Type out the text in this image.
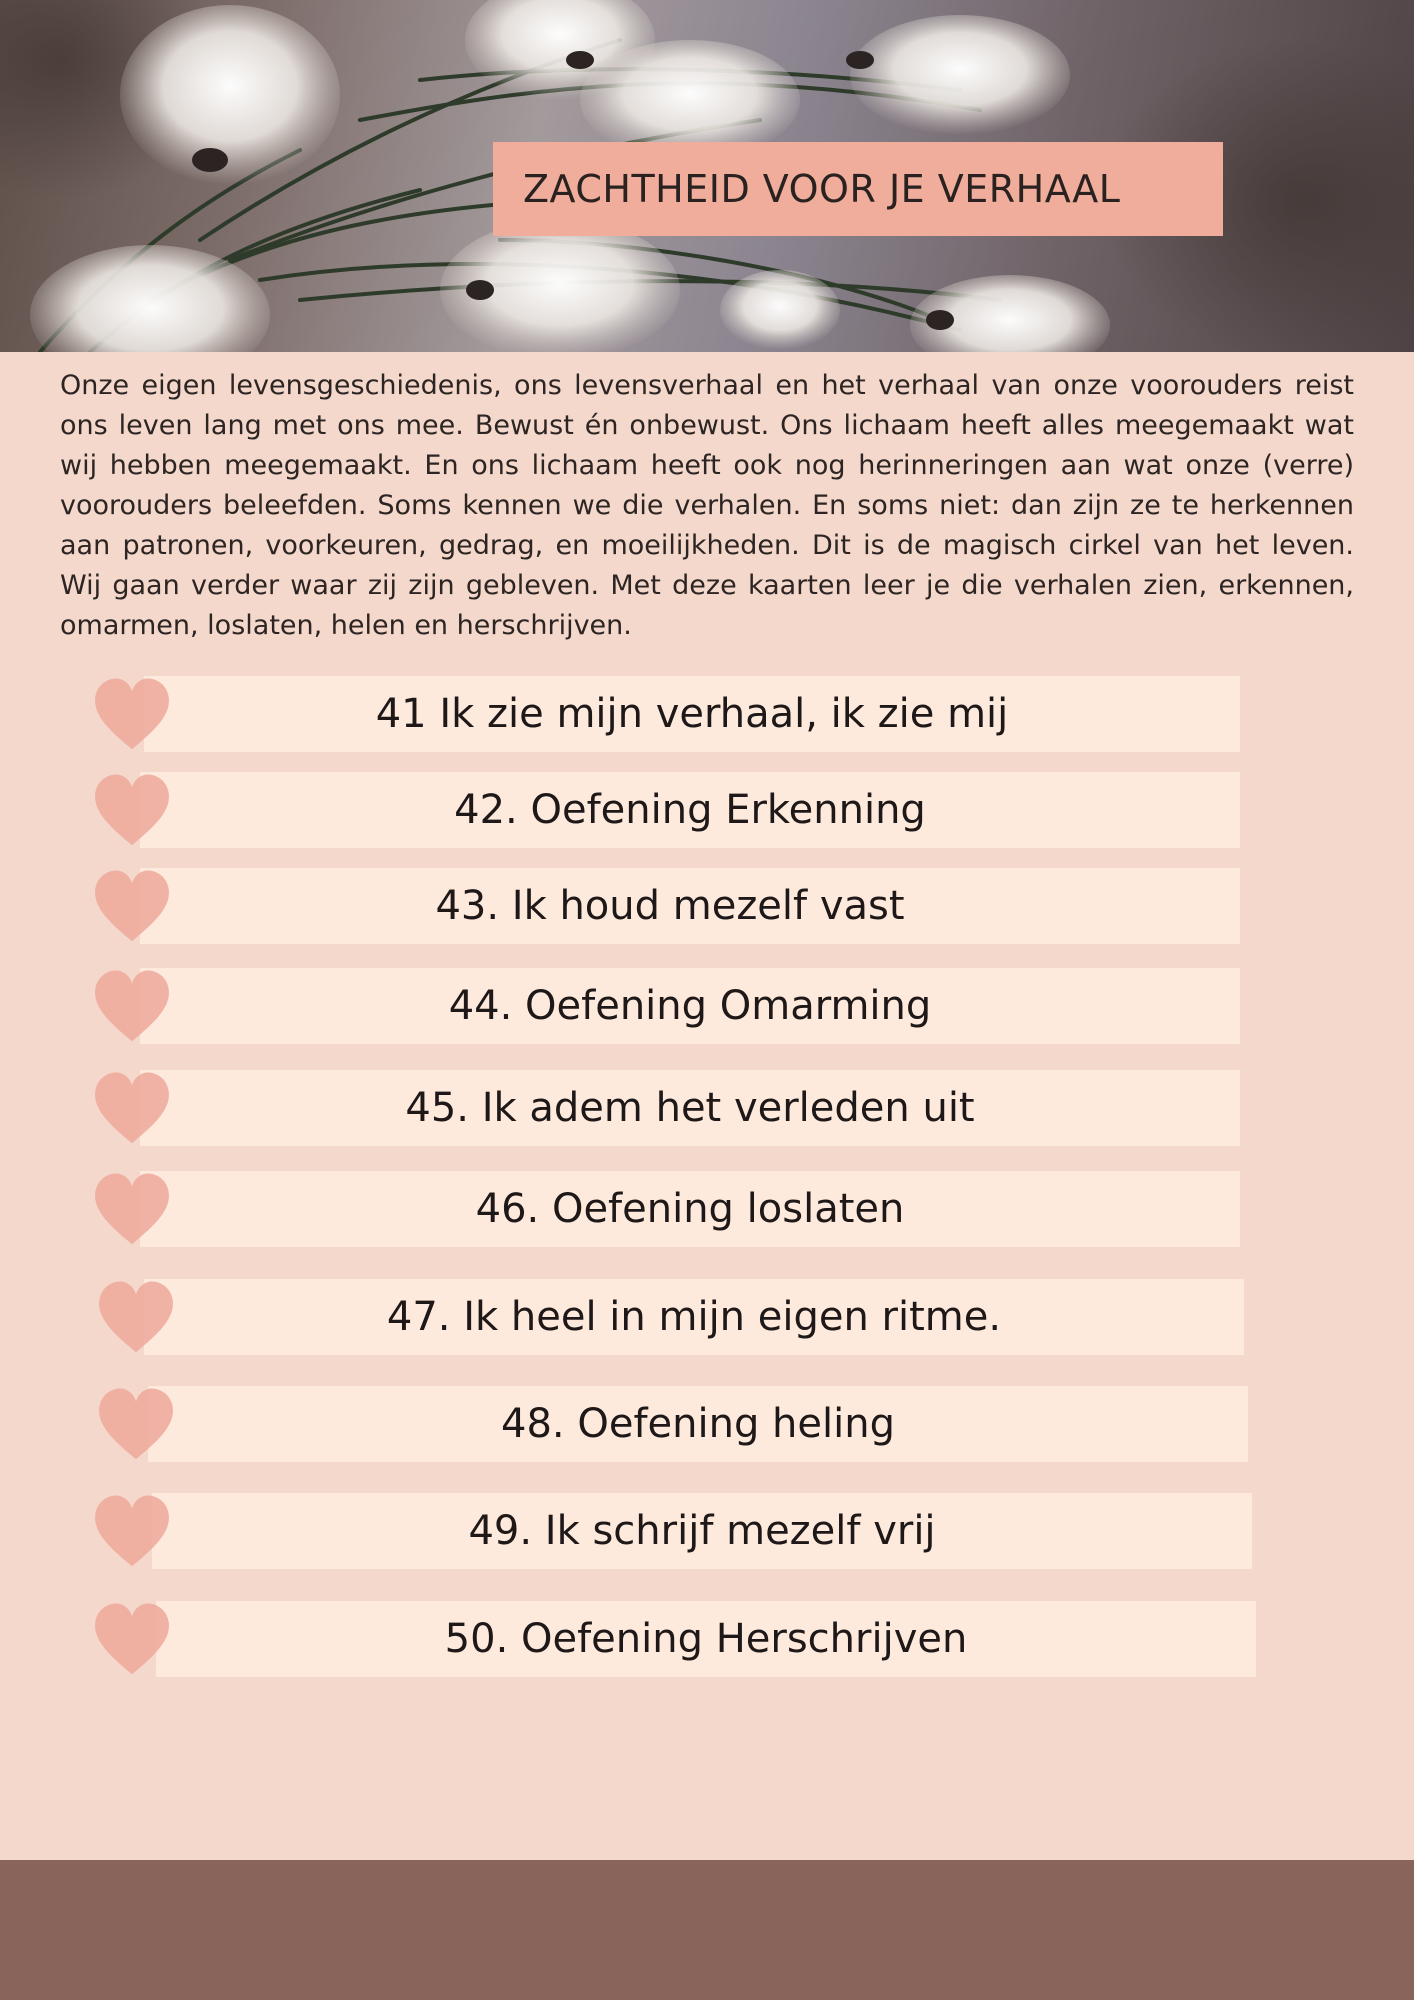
ZACHTHEID VOOR JE VERHAAL

Onze eigen levensgeschiedenis, ons levensverhaal en het verhaal van onze voorouders reist ons leven lang met ons mee. Bewust én onbewust. Ons lichaam heeft alles meegemaakt wat wij hebben meegemaakt. En ons lichaam heeft ook nog herinneringen aan wat onze (verre) voorouders beleefden. Soms kennen we die verhalen. En soms niet: dan zijn ze te herkennen aan patronen, voorkeuren, gedrag, en moeilijkheden. Dit is de magisch cirkel van het leven. Wij gaan verder waar zij zijn gebleven. Met deze kaarten leer je die verhalen zien, erkennen, omarmen, loslaten, helen en herschrijven.

41 Ik zie mijn verhaal, ik zie mij
42. Oefening Erkenning
43. Ik houd mezelf vast
44. Oefening Omarming
45. Ik adem het verleden uit
46. Oefening loslaten
47. Ik heel in mijn eigen ritme.
48. Oefening heling
49. Ik schrijf mezelf vrij
50. Oefening Herschrijven
